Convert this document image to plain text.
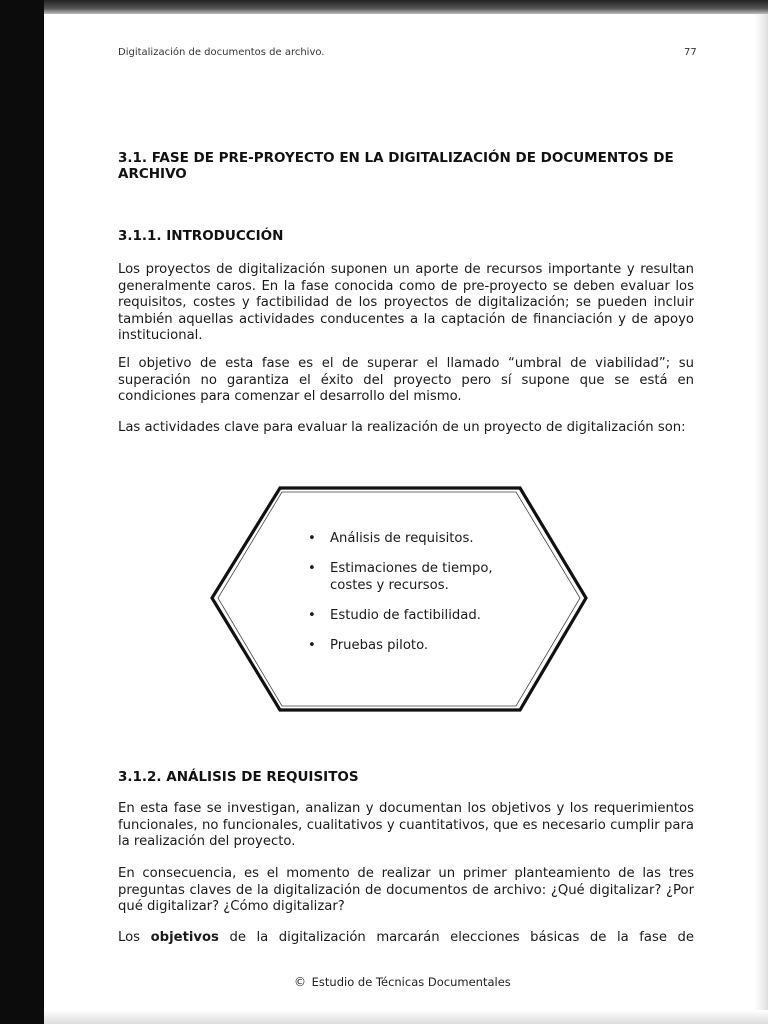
Digitalización de documentos de archivo.	77
3.1. FASE DE PRE-PROYECTO EN LA DIGITALIZACIÓN DE DOCUMENTOS DE ARCHIVO
3.1.1. INTRODUCCIÓN
Los proyectos de digitalización suponen un aporte de recursos importante y resultan generalmente caros. En la fase conocida como de pre-proyecto se deben evaluar los requisitos, costes y factibilidad de los proyectos de digitalización; se pueden incluir también aquellas actividades conducentes a la captación de financiación y de apoyo institucional.
El objetivo de esta fase es el de superar el llamado “umbral de viabilidad”; su superación no garantiza el éxito del proyecto pero sí supone que se está en condiciones para comenzar el desarrollo del mismo.
Las actividades clave para evaluar la realización de un proyecto de digitalización son:
• Análisis de requisitos.
• Estimaciones de tiempo, costes y recursos.
• Estudio de factibilidad.
• Pruebas piloto.
3.1.2. ANÁLISIS DE REQUISITOS
En esta fase se investigan, analizan y documentan los objetivos y los requerimientos funcionales, no funcionales, cualitativos y cuantitativos, que es necesario cumplir para la realización del proyecto.
En consecuencia, es el momento de realizar un primer planteamiento de las tres preguntas claves de la digitalización de documentos de archivo: ¿Qué digitalizar? ¿Por qué digitalizar? ¿Cómo digitalizar?
Los objetivos de la digitalización marcarán elecciones básicas de la fase de
© Estudio de Técnicas Documentales
